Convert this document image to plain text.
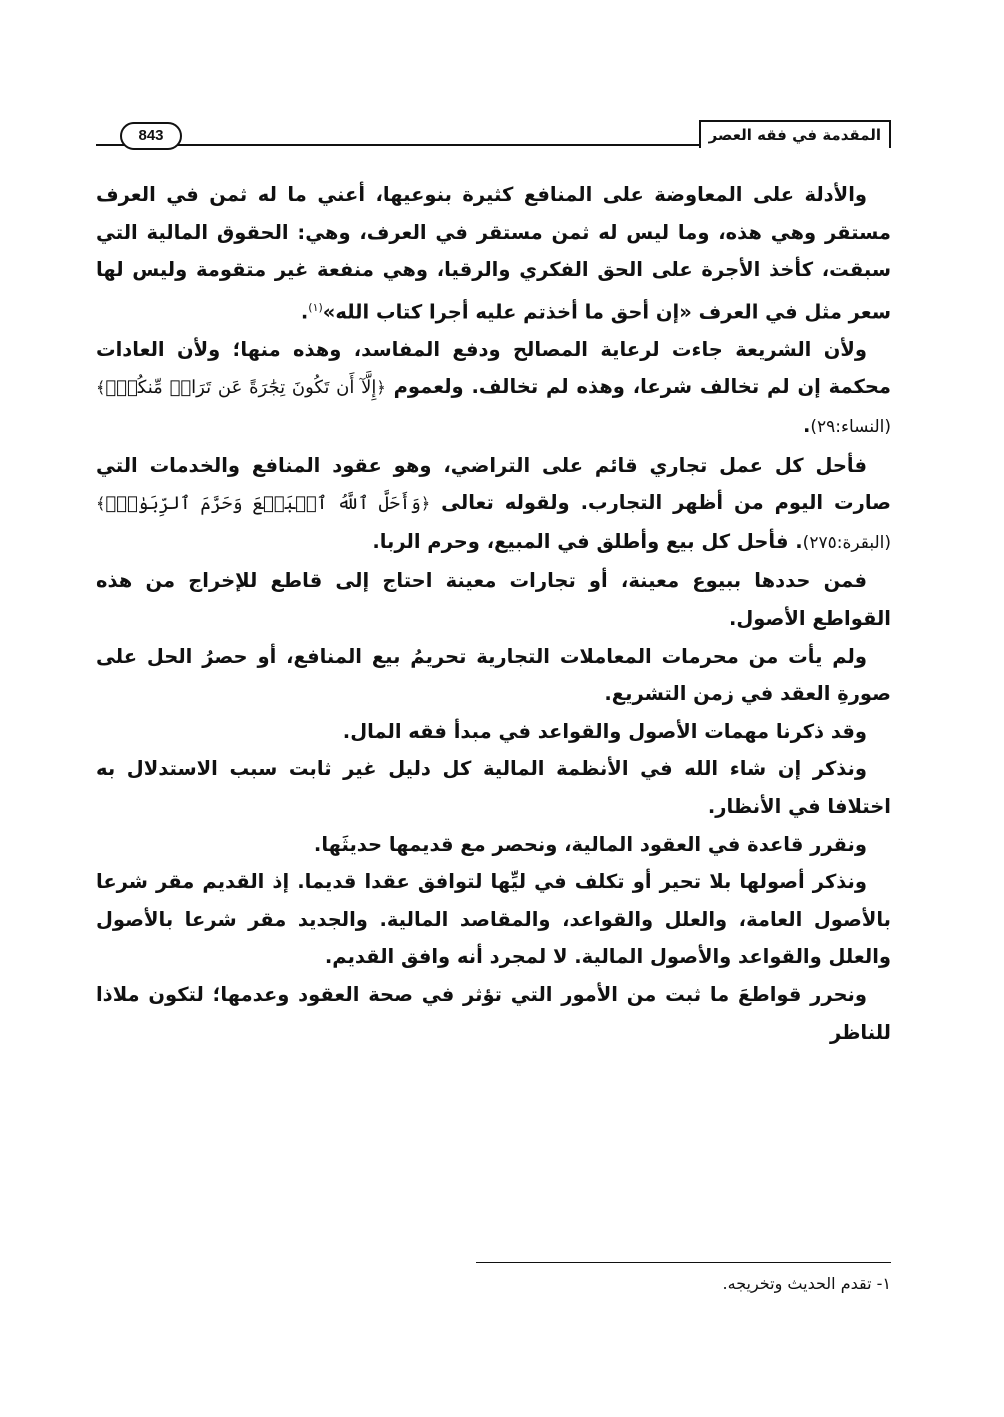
المقدمة في فقه العصر
843

والأدلة على المعاوضة على المنافع كثيرة بنوعيها، أعني ما له ثمن في العرف مستقر وهي هذه، وما ليس له ثمن مستقر في العرف، وهي: الحقوق المالية التي سبقت، كأخذ الأجرة على الحق الفكري والرقيا، وهي منفعة غير متقومة وليس لها سعر مثل في العرف «إن أحق ما أخذتم عليه أجرا كتاب الله»$^{(١)}$.

ولأن الشريعة جاءت لرعاية المصالح ودفع المفاسد، وهذه منها؛ ولأن العادات محكمة إن لم تخالف شرعا، وهذه لم تخالف. ولعموم ﴿إِلَّآ أَن تَكُونَ تِجَٰرَةً عَن تَرَاضٖ مِّنكُمۡۚ﴾ (النساء:٢٩).

فأحل كل عمل تجاري قائم على التراضي، وهو عقود المنافع والخدمات التي صارت اليوم من أظهر التجارب. ولقوله تعالى ﴿وَأَحَلَّ ٱللَّهُ ٱلۡبَيۡعَ وَحَرَّمَ ٱلرِّبَوٰاْۚ﴾ (البقرة:٢٧٥). فأحل كل بيع وأطلق في المبيع، وحرم الربا.

فمن حددها ببيوع معينة، أو تجارات معينة احتاج إلى قاطع للإخراج من هذه القواطع الأصول.

ولم يأت من محرمات المعاملات التجارية تحريمُ بيع المنافع، أو حصرُ الحل على صورةِ العقد في زمن التشريع.

وقد ذكرنا مهمات الأصول والقواعد في مبدأ فقه المال.

ونذكر إن شاء الله في الأنظمة المالية كل دليل غير ثابت سبب الاستدلال به اختلافا في الأنظار.

ونقرر قاعدة في العقود المالية، ونحصر مع قديمها حديثَها.

ونذكر أصولها بلا تحير أو تكلف في ليِّها لتوافق عقدا قديما. إذ القديم مقر شرعا بالأصول العامة، والعلل والقواعد، والمقاصد المالية. والجديد مقر شرعا بالأصول والعلل والقواعد والأصول المالية. لا لمجرد أنه وافق القديم.

ونحرر قواطعَ ما ثبت من الأمور التي تؤثر في صحة العقود وعدمها؛ لتكون ملاذا للناظر

١- تقدم الحديث وتخريجه.
